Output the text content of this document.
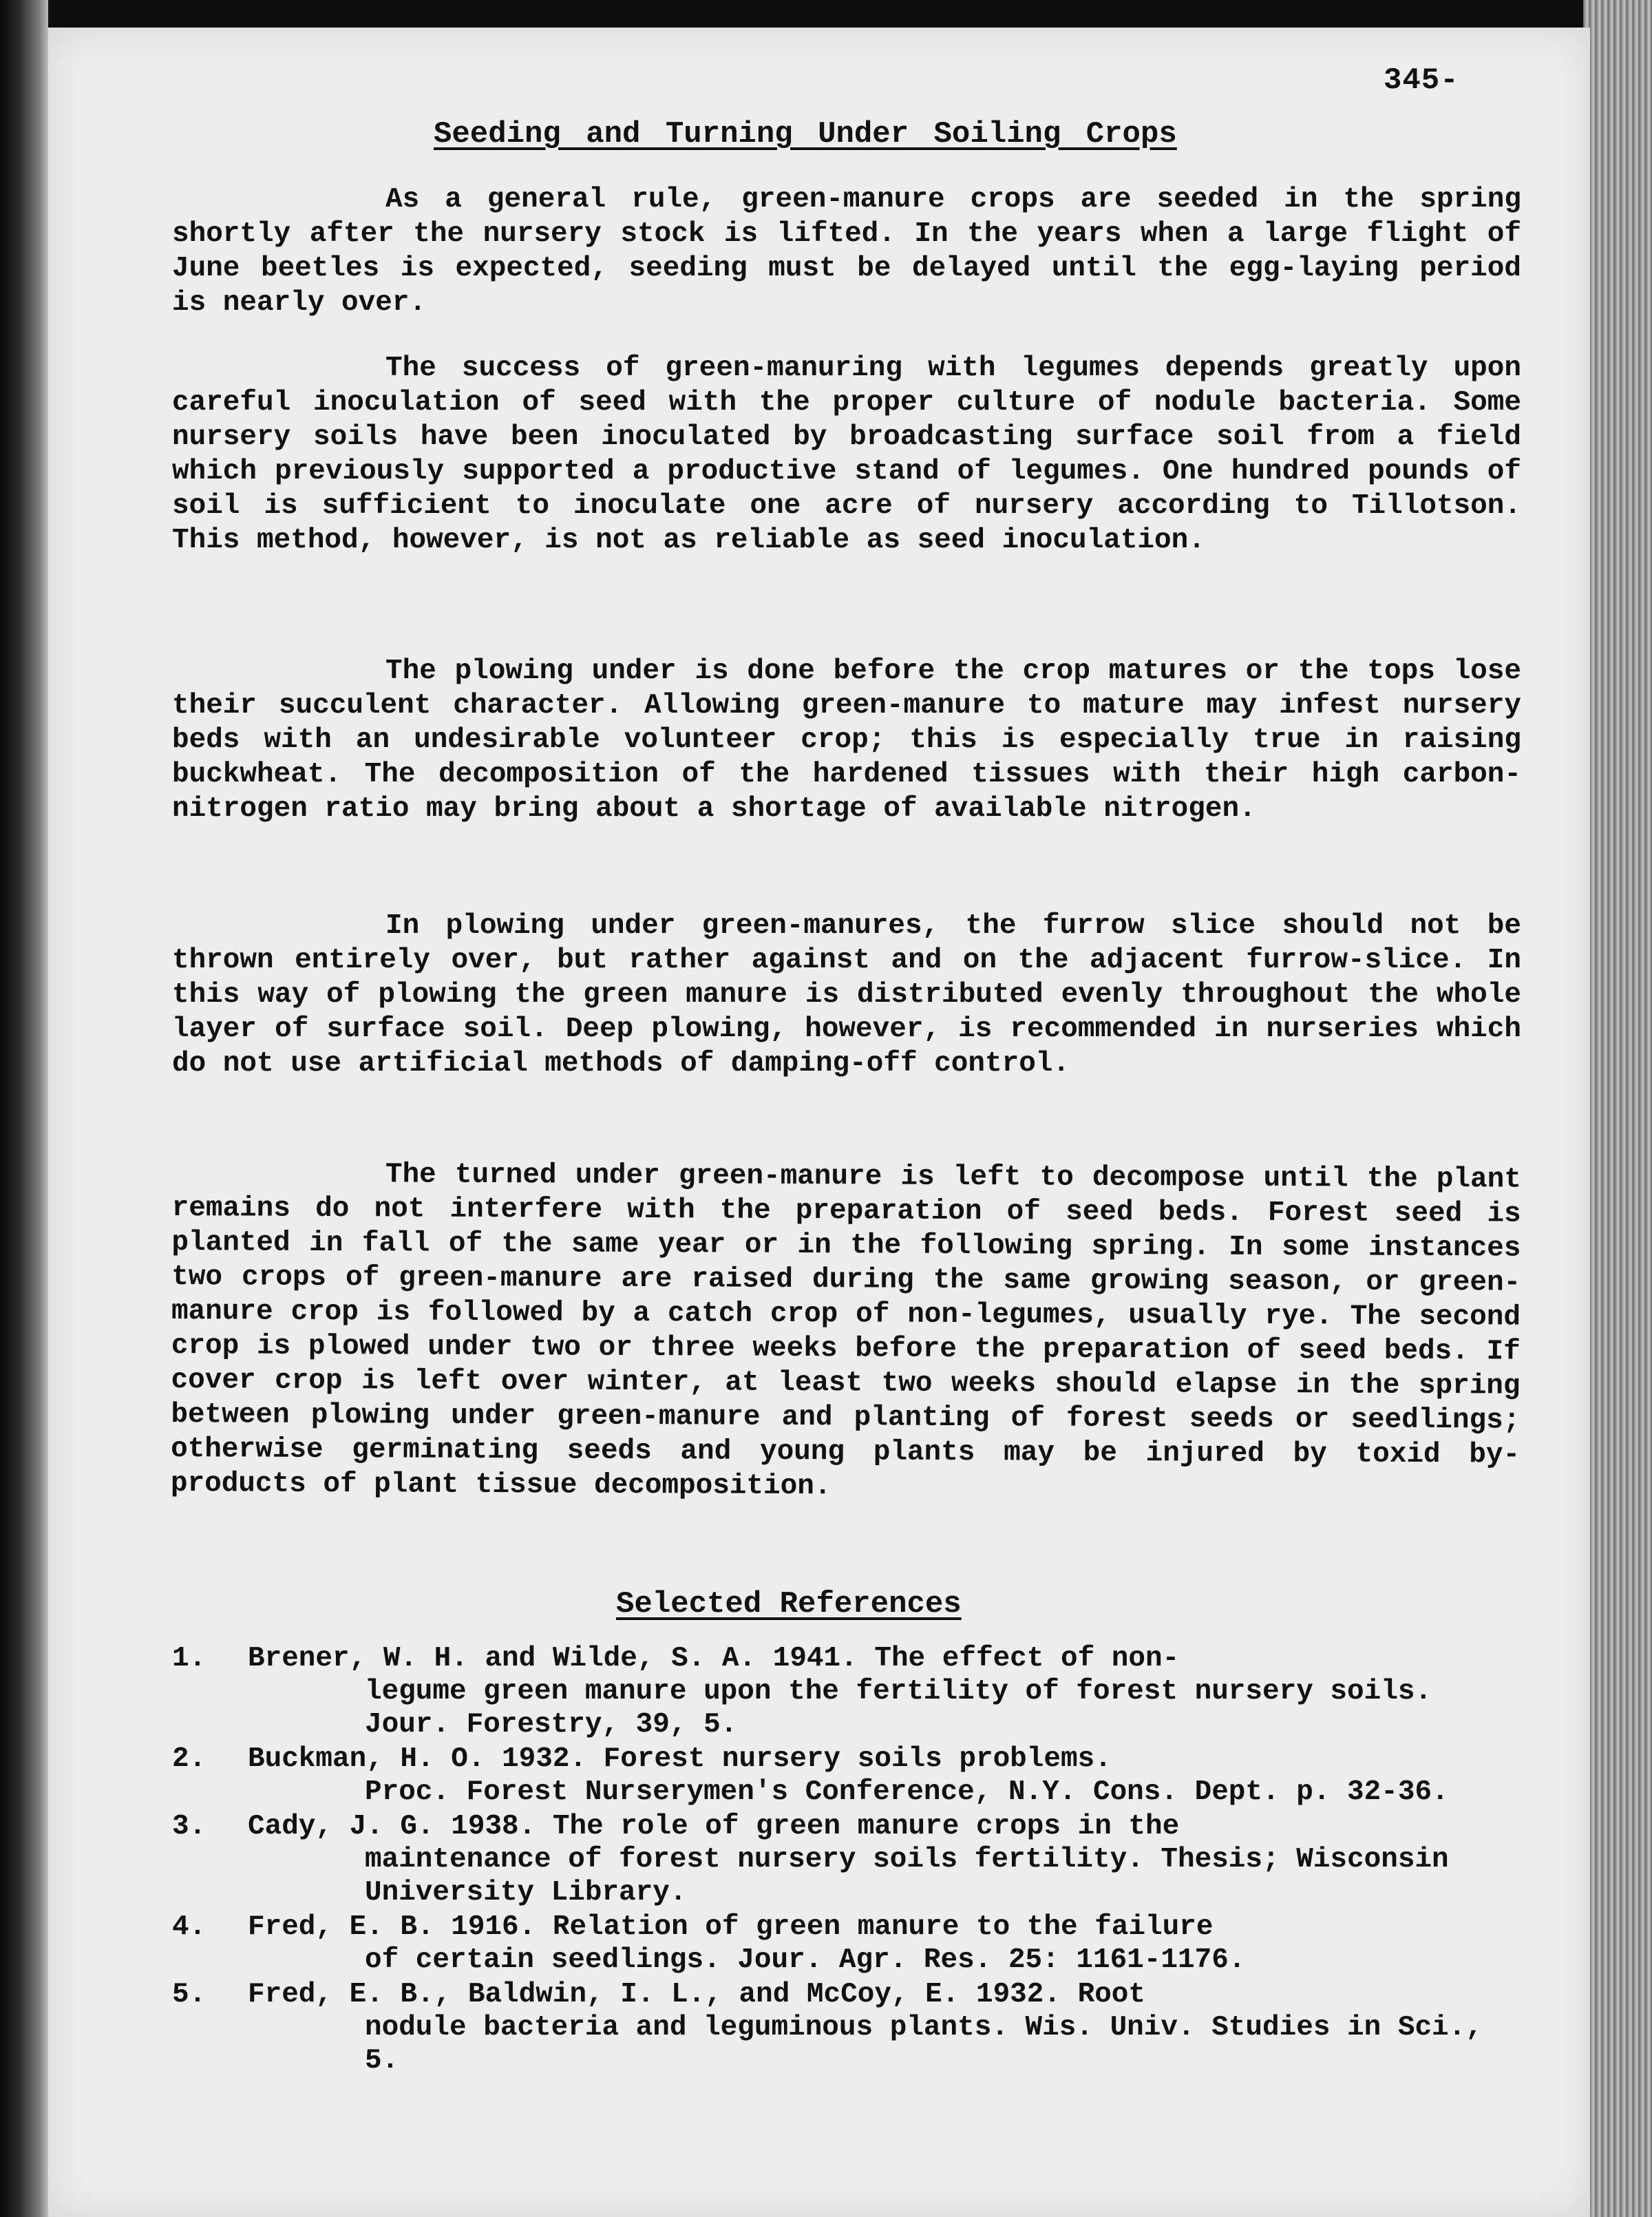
345-
Seeding and Turning Under Soiling Crops

As a general rule, green-manure crops are seeded in the spring shortly after the nursery stock is lifted. In the years when a large flight of June beetles is expected, seeding must be delayed until the egg-laying period is nearly over.

The success of green-manuring with legumes depends greatly upon careful inoculation of seed with the proper culture of nodule bacteria. Some nursery soils have been inoculated by broadcasting surface soil from a field which previously supported a productive stand of legumes. One hundred pounds of soil is sufficient to inoculate one acre of nursery according to Tillotson. This method, however, is not as reliable as seed inoculation.

The plowing under is done before the crop matures or the tops lose their succulent character. Allowing green-manure to mature may infest nursery beds with an undesirable volunteer crop; this is especially true in raising buckwheat. The decomposition of the hardened tissues with their high carbon-nitrogen ratio may bring about a shortage of available nitrogen.

In plowing under green-manures, the furrow slice should not be thrown entirely over, but rather against and on the adjacent furrow-slice. In this way of plowing the green manure is distributed evenly throughout the whole layer of surface soil. Deep plowing, however, is recommended in nurseries which do not use artificial methods of damping-off control.

The turned under green-manure is left to decompose until the plant remains do not interfere with the preparation of seed beds. Forest seed is planted in fall of the same year or in the following spring. In some instances two crops of green-manure are raised during the same growing season, or green-manure crop is followed by a catch crop of non-legumes, usually rye. The second crop is plowed under two or three weeks before the preparation of seed beds. If cover crop is left over winter, at least two weeks should elapse in the spring between plowing under green-manure and planting of forest seeds or seedlings; otherwise germinating seeds and young plants may be injured by toxid by-products of plant tissue decomposition.

Selected References
1.	Brener, W. H. and Wilde, S. A. 1941. The effect of non-

legume green manure upon the fertility of forest nursery soils. Jour. Forestry, 39, 5.
2.	Buckman, H. O. 1932. Forest nursery soils problems.

Proc. Forest Nurserymen's Conference, N.Y. Cons. Dept. p. 32-36.
3.	Cady, J. G. 1938. The role of green manure crops in the

maintenance of forest nursery soils fertility. Thesis; Wisconsin University Library.
4.	Fred, E. B. 1916. Relation of green manure to the failure

of certain seedlings. Jour. Agr. Res. 25: 1161-1176.
5.	Fred, E. B., Baldwin, I. L., and McCoy, E. 1932. Root

nodule bacteria and leguminous plants. Wis. Univ. Studies in Sci., 5.
